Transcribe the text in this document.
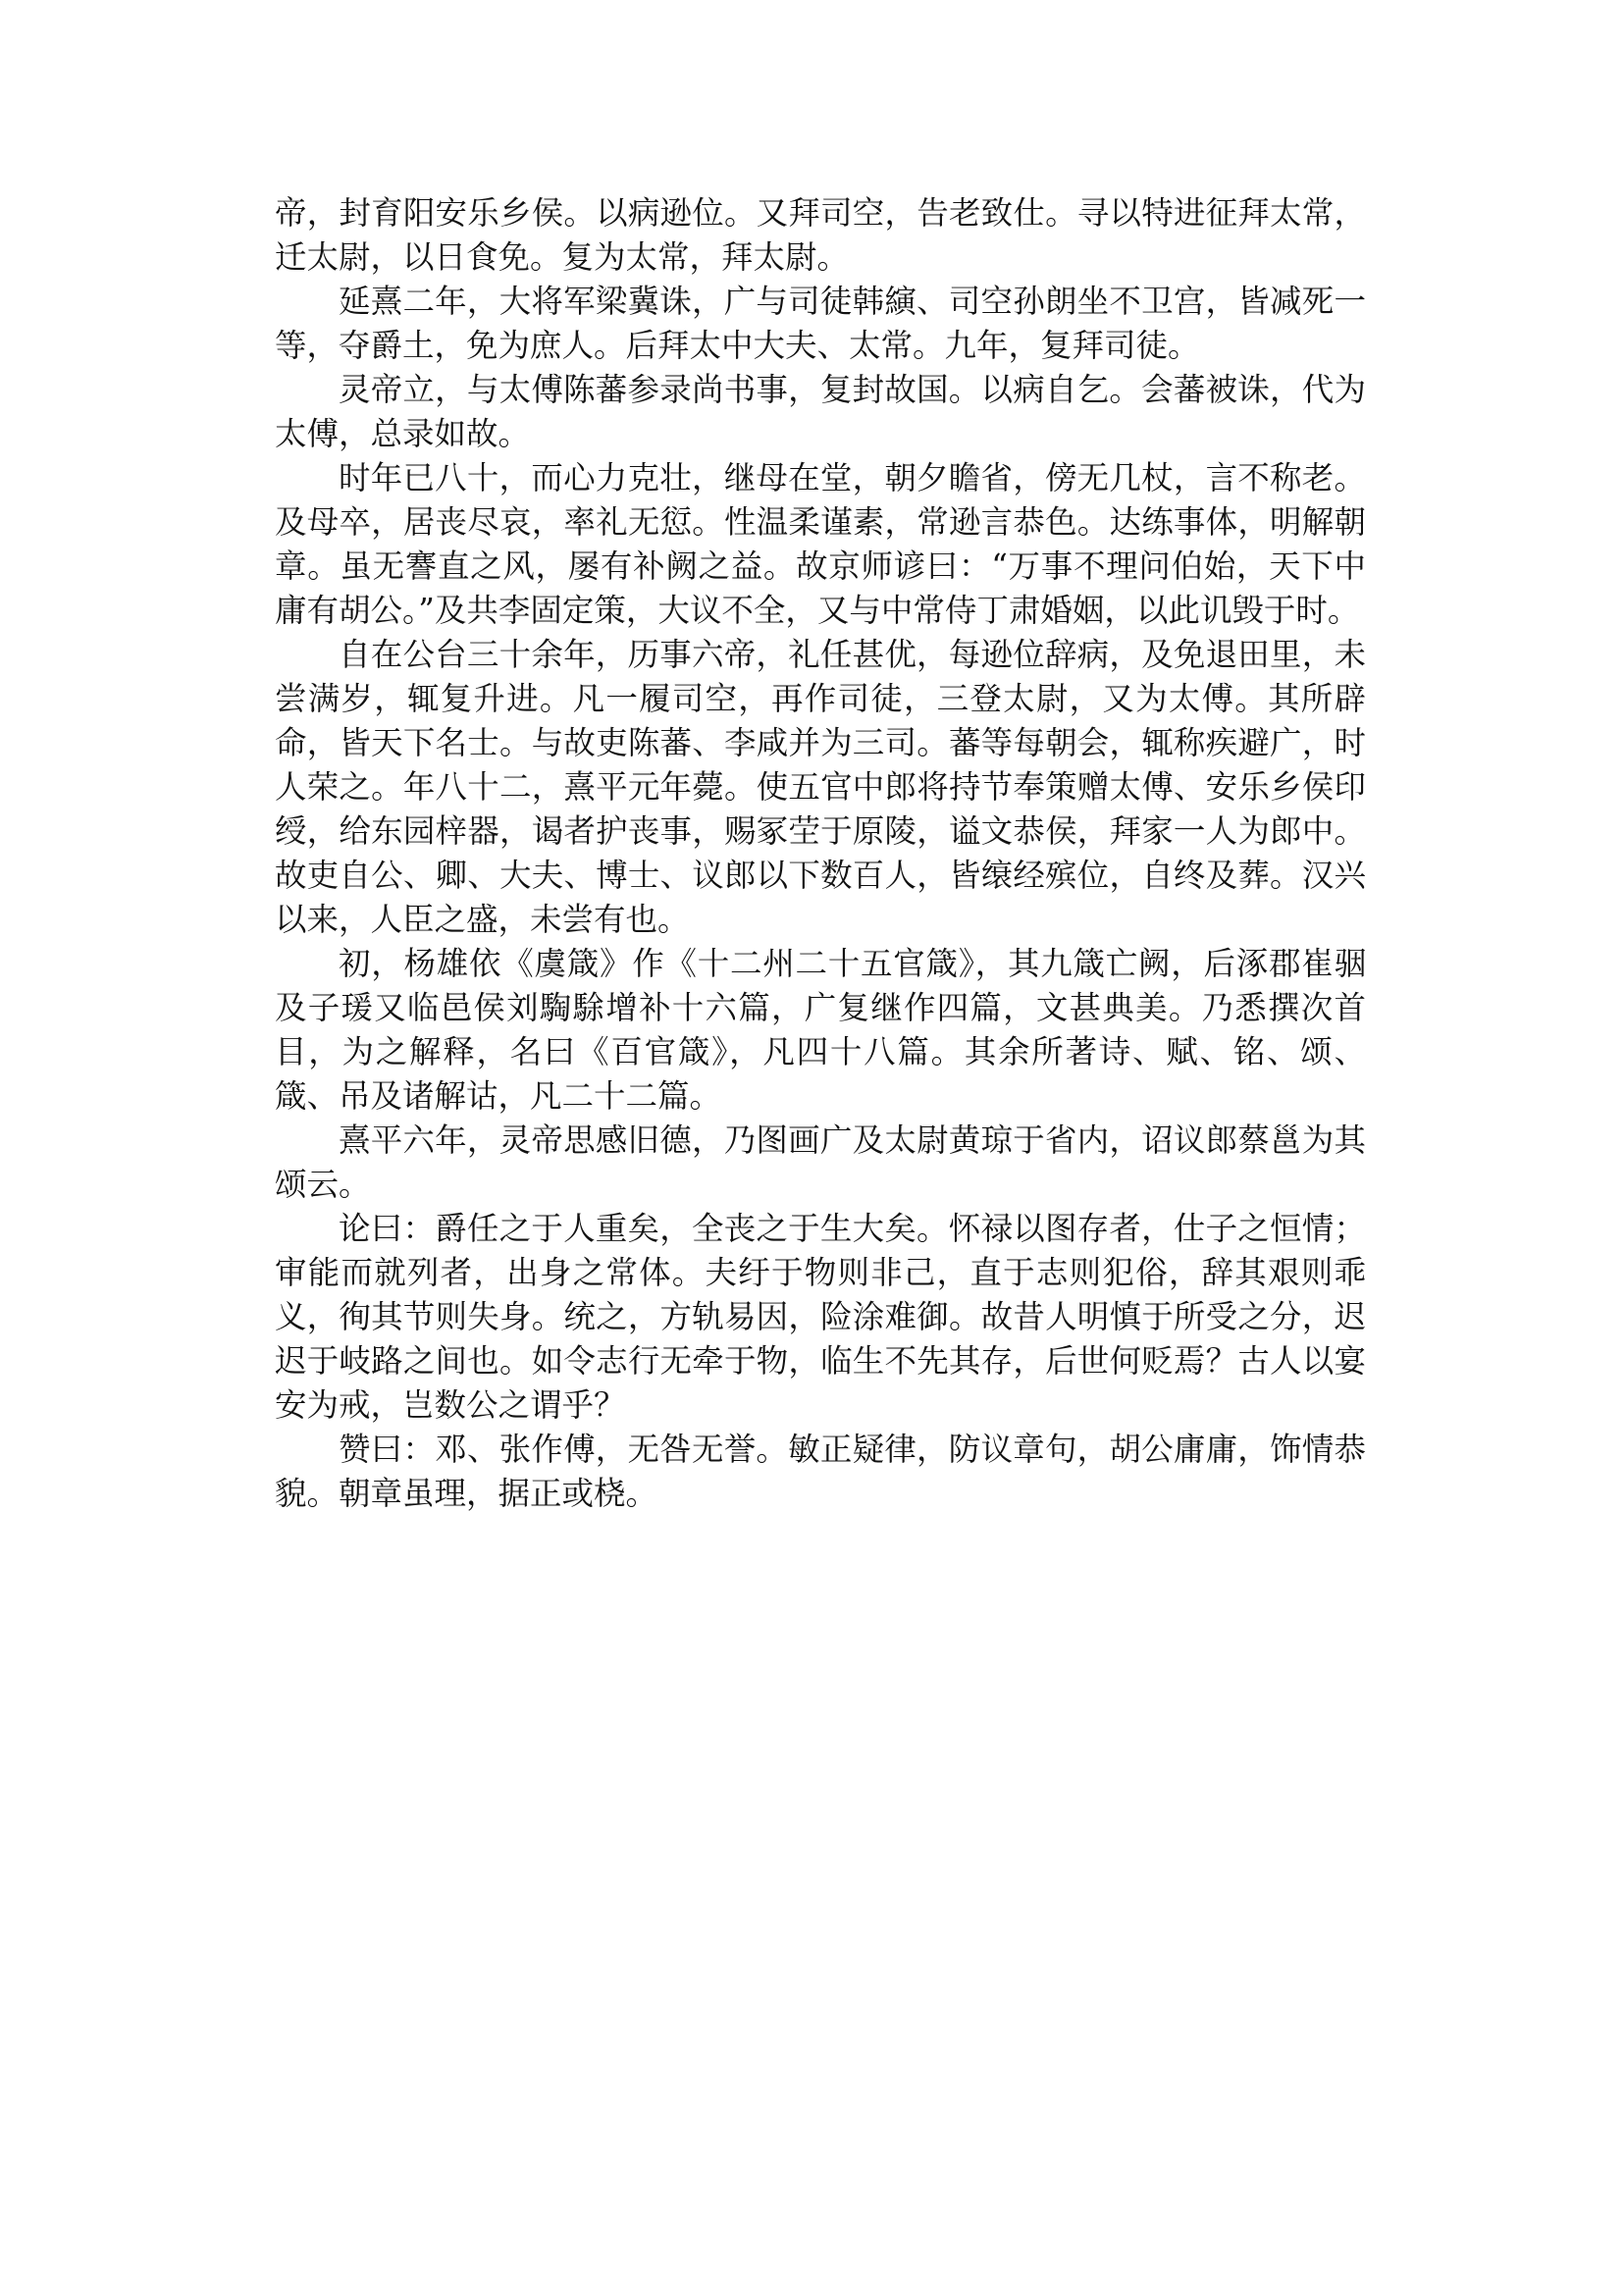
帝，封育阳安乐乡侯。以病逊位。又拜司空，告老致仕。寻以特进征拜太常，迁太尉，以日食免。复为太常，拜太尉。

延熹二年，大将军梁冀诛，广与司徒韩縯、司空孙朗坐不卫宫，皆减死一等，夺爵土，免为庶人。后拜太中大夫、太常。九年，复拜司徒。

灵帝立，与太傅陈蕃参录尚书事，复封故国。以病自乞。会蕃被诛，代为太傅，总录如故。

时年已八十，而心力克壮，继母在堂，朝夕瞻省，傍无几杖，言不称老。及母卒，居丧尽哀，率礼无愆。性温柔谨素，常逊言恭色。达练事体，明解朝章。虽无謇直之风，屡有补阙之益。故京师谚曰：“万事不理问伯始，天下中庸有胡公。”及共李固定策，大议不全，又与中常侍丁肃婚姻，以此讥毁于时。

自在公台三十余年，历事六帝，礼任甚优，每逊位辞病，及免退田里，未尝满岁，辄复升进。凡一履司空，再作司徒，三登太尉，又为太傅。其所辟命，皆天下名士。与故吏陈蕃、李咸并为三司。蕃等每朝会，辄称疾避广，时人荣之。年八十二，熹平元年薨。使五官中郎将持节奉策赠太傅、安乐乡侯印绶，给东园梓器，谒者护丧事，赐冢茔于原陵，谥文恭侯，拜家一人为郎中。故吏自公、卿、大夫、博士、议郎以下数百人，皆缞经殡位，自终及葬。汉兴以来，人臣之盛，未尝有也。

初，杨雄依《虞箴》作《十二州二十五官箴》，其九箴亡阙，后涿郡崔骃及子瑗又临邑侯刘騊駼增补十六篇，广复继作四篇，文甚典美。乃悉撰次首目，为之解释，名曰《百官箴》，凡四十八篇。其余所著诗、赋、铭、颂、箴、吊及诸解诂，凡二十二篇。

熹平六年，灵帝思感旧德，乃图画广及太尉黄琼于省内，诏议郎蔡邕为其颂云。

论曰：爵任之于人重矣，全丧之于生大矣。怀禄以图存者，仕子之恒情；审能而就列者，出身之常体。夫纡于物则非己，直于志则犯俗，辞其艰则乖义，徇其节则失身。统之，方轨易因，险涂难御。故昔人明慎于所受之分，迟迟于岐路之间也。如令志行无牵于物，临生不先其存，后世何贬焉？古人以宴安为戒，岂数公之谓乎？

赞曰：邓、张作傅，无咎无誉。敏正疑律，防议章句，胡公庸庸，饰情恭貌。朝章虽理，据正或桡。
